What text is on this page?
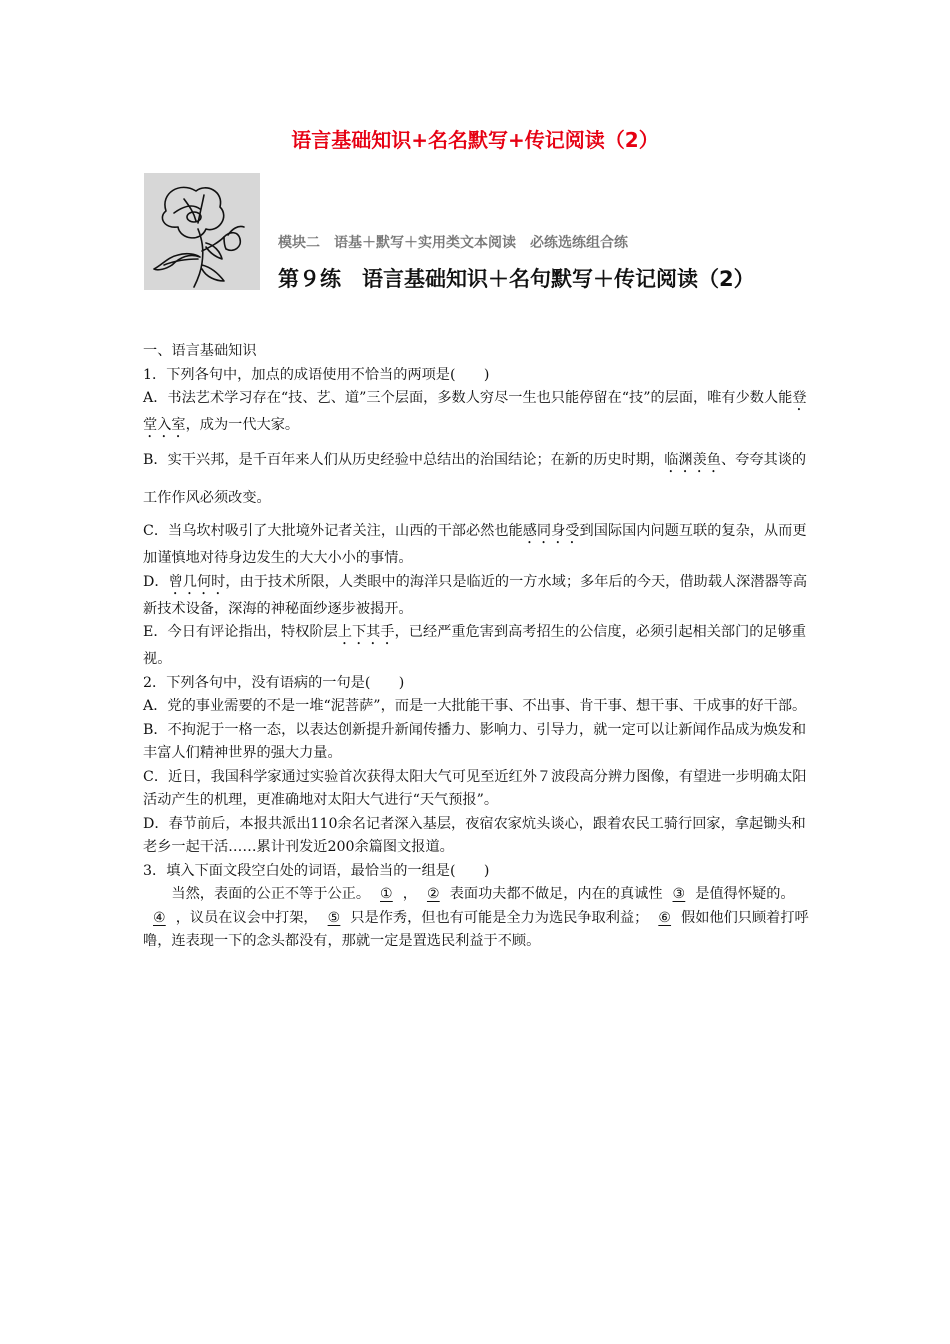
语言基础知识+名名默写+传记阅读（2）
模块二　语基＋默写＋实用类文本阅读　必练选练组合练
第９练　语言基础知识＋名句默写＋传记阅读（2）

一、语言基础知识

1．下列各句中，加点的成语使用不恰当的两项是(　　)

A．书法艺术学习存在“技、艺、道”三个层面，多数人穷尽一生也只能停留在“技”的层面，唯有少数人能登堂入室，成为一代大家。

B．实干兴邦，是千百年来人们从历史经验中总结出的治国结论；在新的历史时期，临渊羡鱼、夸夸其谈的工作作风必须改变。

C．当乌坎村吸引了大批境外记者关注，山西的干部必然也能感同身受到国际国内问题互联的复杂，从而更加谨慎地对待身边发生的大大小小的事情。

D．曾几何时，由于技术所限，人类眼中的海洋只是临近的一方水域；多年后的今天，借助载人深潜器等高新技术设备，深海的神秘面纱逐步被揭开。

E．今日有评论指出，特权阶层上下其手，已经严重危害到高考招生的公信度，必须引起相关部门的足够重视。

2．下列各句中，没有语病的一句是(　　)

A．党的事业需要的不是一堆“泥菩萨”，而是一大批能干事、不出事、肯干事、想干事、干成事的好干部。

B．不拘泥于一格一态，以表达创新提升新闻传播力、影响力、引导力，就一定可以让新闻作品成为焕发和丰富人们精神世界的强大力量。

C．近日，我国科学家通过实验首次获得太阳大气可见至近红外７波段高分辨力图像，有望进一步明确太阳活动产生的机理，更准确地对太阳大气进行“天气预报”。

D．春节前后，本报共派出110余名记者深入基层，夜宿农家炕头谈心，跟着农民工骑行回家，拿起锄头和老乡一起干活……累计刊发近200余篇图文报道。

3．填入下面文段空白处的词语，最恰当的一组是(　　)

当然，表面的公正不等于公正。 ① ， ② 表面功夫都不做足，内在的真诚性 ③ 是值得怀疑的。④ ，议员在议会中打架， ⑤ 只是作秀，但也有可能是全力为选民争取利益； ⑥ 假如他们只顾着打呼噜，连表现一下的念头都没有，那就一定是置选民利益于不顾。
